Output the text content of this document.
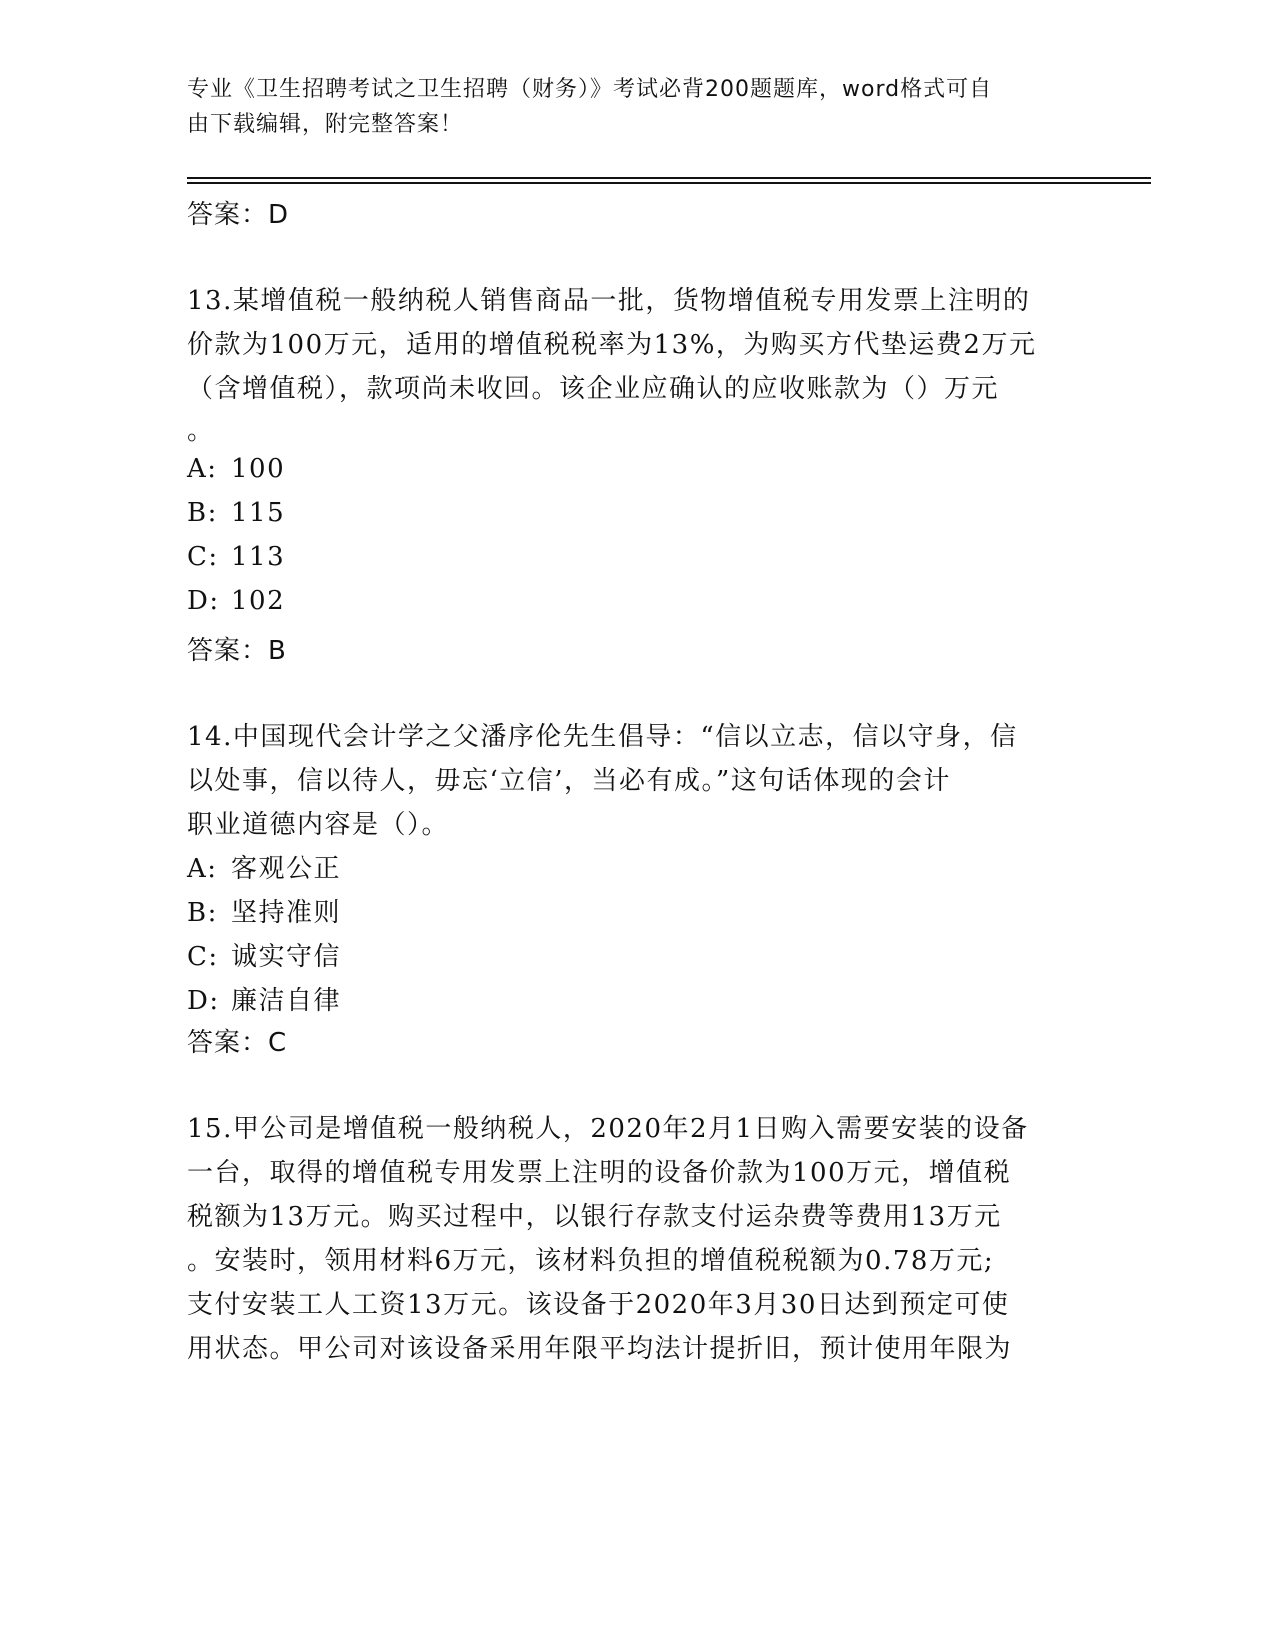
专业《卫生招聘考试之卫生招聘（财务）》考试必背200题题库，word格式可自
由下载编辑，附完整答案！
答案：D
13.某增值税一般纳税人销售商品一批，货物增值税专用发票上注明的
价款为100万元，适用的增值税税率为13%，为购买方代垫运费2万元
（含增值税），款项尚未收回。该企业应确认的应收账款为（）万元
。
A: 100
B: 115
C: 113
D: 102
答案：B
14.中国现代会计学之父潘序伦先生倡导：“信以立志，信以守身，信
以处事，信以待人，毋忘‘立信’，当必有成。”这句话体现的会计
职业道德内容是（）。
A: 客观公正
B: 坚持准则
C: 诚实守信
D: 廉洁自律
答案：C
15.甲公司是增值税一般纳税人，2020年2月1日购入需要安装的设备
一台，取得的增值税专用发票上注明的设备价款为100万元，增值税
税额为13万元。购买过程中，以银行存款支付运杂费等费用13万元
。安装时，领用材料6万元，该材料负担的增值税税额为0.78万元;
支付安装工人工资13万元。该设备于2020年3月30日达到预定可使
用状态。甲公司对该设备采用年限平均法计提折旧，预计使用年限为
